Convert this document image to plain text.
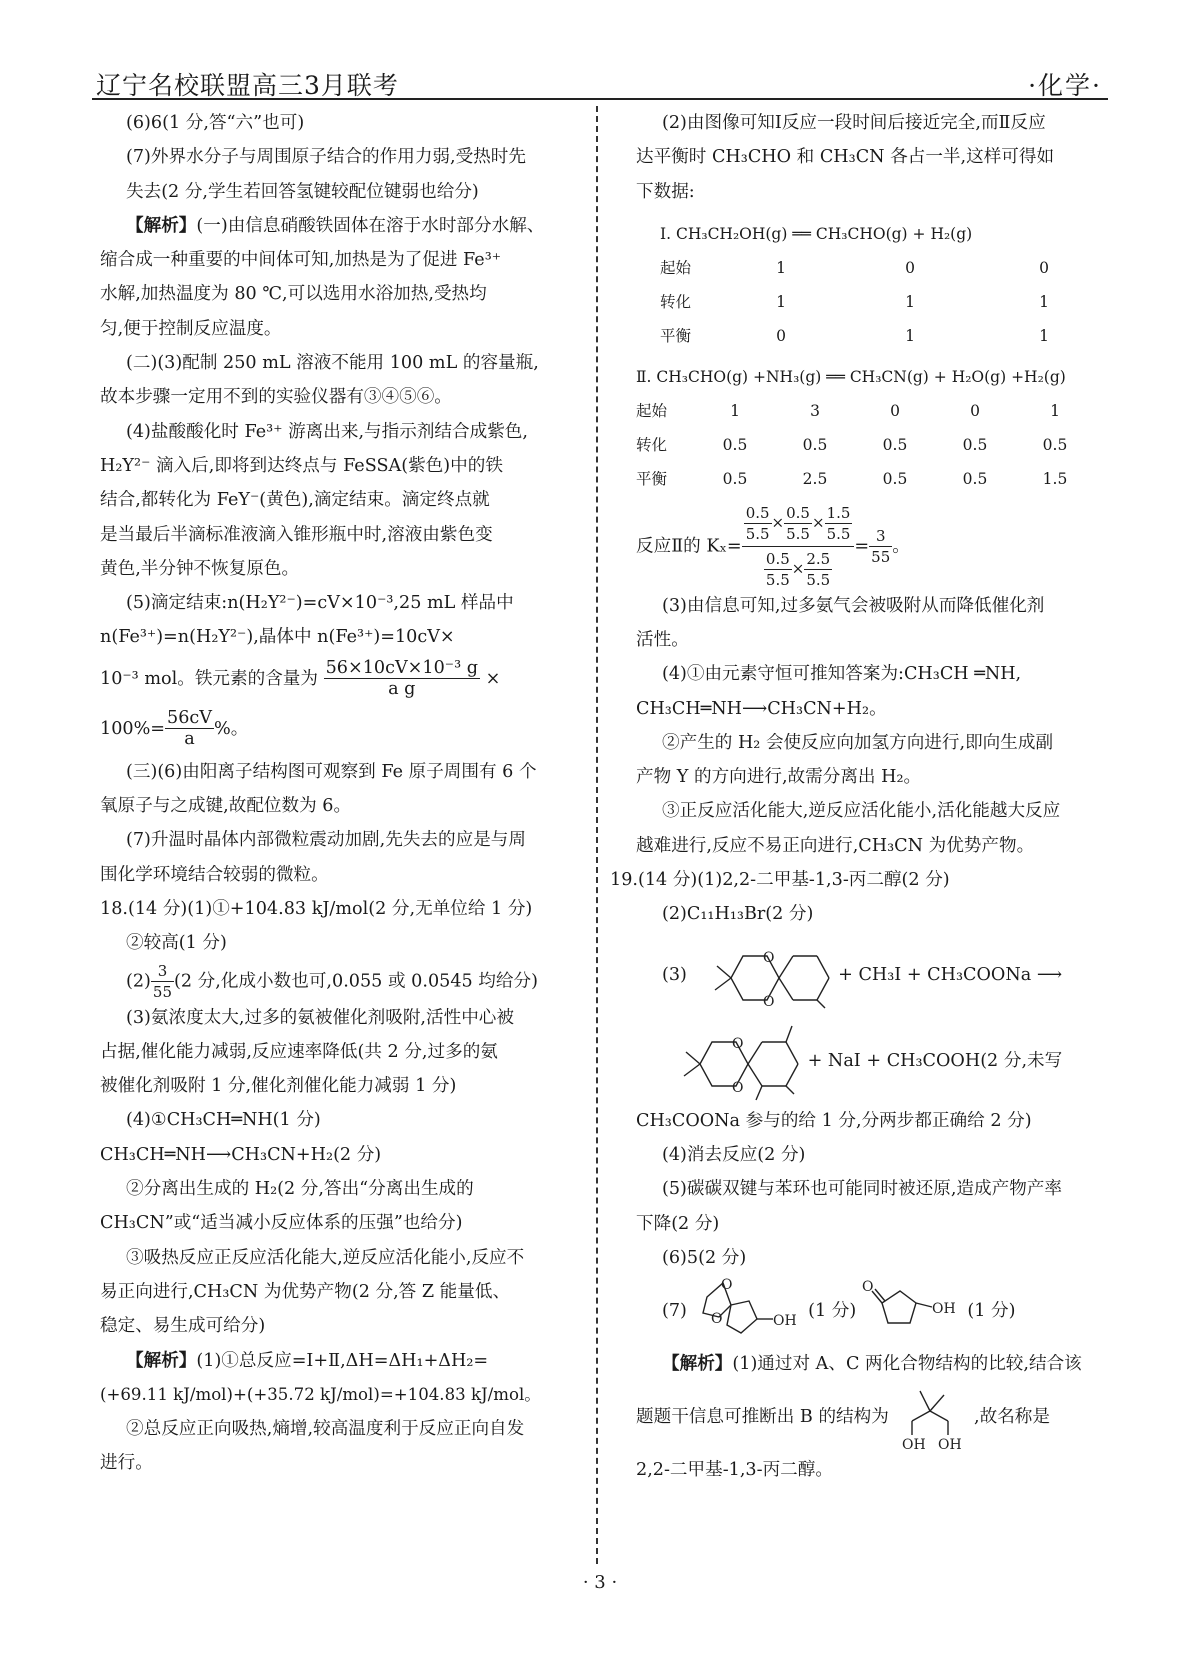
辽宁名校联盟高三3月联考	·化学·

(6)6(1 分,答“六”也可)

(7)外界水分子与周围原子结合的作用力弱,受热时先

失去(2 分,学生若回答氢键较配位键弱也给分)

【解析】(一)由信息硝酸铁固体在溶于水时部分水解、

缩合成一种重要的中间体可知,加热是为了促进 Fe³⁺

水解,加热温度为 80 ℃,可以选用水浴加热,受热均

匀,便于控制反应温度。

(二)(3)配制 250 mL 溶液不能用 100 mL 的容量瓶,

故本步骤一定用不到的实验仪器有③④⑤⑥。

(4)盐酸酸化时 Fe³⁺ 游离出来,与指示剂结合成紫色,

H₂Y²⁻ 滴入后,即将到达终点与 FeSSA(紫色)中的铁

结合,都转化为 FeY⁻(黄色),滴定结束。滴定终点就

是当最后半滴标准液滴入锥形瓶中时,溶液由紫色变

黄色,半分钟不恢复原色。

(5)滴定结束:n(H₂Y²⁻)=cV×10⁻³,25 mL 样品中

n(Fe³⁺)=n(H₂Y²⁻),晶体中 n(Fe³⁺)=10cV×

10⁻³ mol。铁元素的含量为 $\frac{\text{56×10cV×10⁻³ g}}{\text{a g}}$ ×

$100\%= \frac{56cV}{a}$ %。

(三)(6)由阳离子结构图可观察到 Fe 原子周围有 6 个

氧原子与之成键,故配位数为 6。

(7)升温时晶体内部微粒震动加剧,先失去的应是与周

围化学环境结合较弱的微粒。

18.(14 分)(1)①+104.83 kJ/mol(2 分,无单位给 1 分)

②较高(1 分)

$(2) \frac{3}{55} (2$ 分,化成小数也可,0.055 或 0.0545 均给分)

(3)氨浓度太大,过多的氨被催化剂吸附,活性中心被

占据,催化能力减弱,反应速率降低(共 2 分,过多的氨

被催化剂吸附 1 分,催化剂催化能力减弱 1 分)

(4)①CH₃CH═NH(1 分)

CH₃CH═NH⟶CH₃CN+H₂(2 分)

②分离出生成的 H₂(2 分,答出“分离出生成的

CH₃CN”或“适当减小反应体系的压强”也给分)

③吸热反应正反应活化能大,逆反应活化能小,反应不

易正向进行,CH₃CN 为优势产物(2 分,答 Z 能量低、

稳定、易生成可给分)

【解析】(1)①总反应=Ⅰ+Ⅱ,ΔH=ΔH₁+ΔH₂=

(+69.11 kJ/mol)+(+35.72 kJ/mol)=+104.83 kJ/mol。

②总反应正向吸热,熵增,较高温度利于反应正向自发

进行。

(2)由图像可知Ⅰ反应一段时间后接近完全,而Ⅱ反应

达平衡时 CH₃CHO 和 CH₃CN 各占一半,这样可得如

下数据:

Ⅰ. CH₃CH₂OH(g) ══ CH₃CHO(g) + H₂(g)
起始	1	0	0
转化	1	1	1
平衡	0	1	1
Ⅱ. CH₃CHO(g) +NH₃(g) ══ CH₃CN(g) + H₂O(g) +H₂(g)
起始	1	3	0	0	1
转化	0.5	0.5	0.5	0.5	0.5
平衡	0.5	2.5	0.5	0.5	1.5

反应Ⅱ的 $K_x= \frac{\frac{0.5}{5.5} \times \frac{0.5}{5.5} \times \frac{1.5}{5.5}}{\frac{0.5}{5.5} \times \frac{2.5}{5.5}} = \frac{3}{55}$ 。

(3)由信息可知,过多氨气会被吸附从而降低催化剂

活性。

(4)①由元素守恒可推知答案为:CH₃CH ═NH,

CH₃CH═NH⟶CH₃CN+H₂。

②产生的 H₂ 会使反应向加氢方向进行,即向生成副

产物 Y 的方向进行,故需分离出 H₂。

③正反应活化能大,逆反应活化能小,活化能越大反应

越难进行,反应不易正向进行,CH₃CN 为优势产物。

19.(14 分)(1)2,2-二甲基-1,3-丙二醇(2 分)

(2)C₁₁H₁₃Br(2 分)

(3)
O
O
+ CH₃I + CH₃COONa ⟶

O
O
+ NaI + CH₃COOH(2 分,未写

CH₃COONa 参与的给 1 分,分两步都正确给 2 分)

(4)消去反应(2 分)

(5)碳碳双键与苯环也可能同时被还原,造成产物产率

下降(2 分)

(6)5(2 分)

(7)
O
O	OH (1 分)
O
OH (1 分)

【解析】(1)通过对 A、C 两化合物结构的比较,结合该

题题干信息可推断出 B 的结构为
OH OH
,故名称是

2,2-二甲基-1,3-丙二醇。

· 3 ·
